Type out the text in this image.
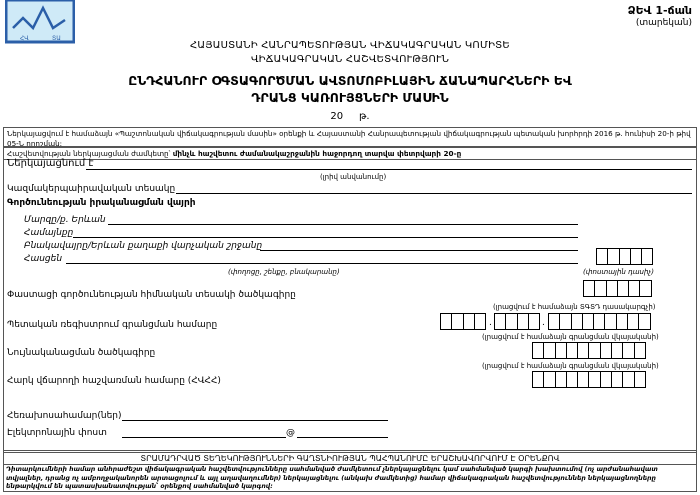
ՀՎ	ՏԱ
ՁԵՎ 1-ճան
(տարեկան)
ՀԱՅԱՍՏԱՆԻ ՀԱՆՐԱՊԵՏՈՒԹՅԱՆ ՎԻՃԱԿԱԳՐԱԿԱՆ ԿՈՄԻՏԵ
ՎԻՃԱԿԱԳՐԱԿԱՆ ՀԱՇՎԵՏՎՈՒԹՅՈՒՆ
ԸՆԴՀԱՆՈՒՐ ՕԳՏԱԳՈՐԾՄԱՆ ԱՎՏՈՄՈԲԻԼԱՅԻՆ ՃԱՆԱՊԱՐՀՆԵՐԻ ԵՎ
ԴՐԱՆՑ ԿԱՌՈՒՅՑՆԵՐԻ ՄԱՍԻՆ
20     թ.
Ներկայացվում է համաձայն «Պաշտոնական վիճակագրության մասին» օրենքի և Հայաստանի Հանրապետության վիճակագրության պետական խորհրդի 2016 թ. հունիսի 20-ի թիվ 05-Ն որոշման:
Հաշվետվության ներկայացման ժամկետը՝ մինչև հաշվետու ժամանակաշրջանին հաջորդող տարվա փետրվարի 20-ը
Ներկայացնում է
(լրիվ անվանումը)
Կազմակերպաիրավական տեսակը
Գործունեության իրականացման վայրի
Մարզը/ք. Երևան
Համայնքը
Բնակավայրը/Երևան քաղաքի վարչական շրջանը
Հասցեն
(փողոցը, շենքը, բնակարանը)	(փոստային դասիչ)
Փաստացի գործունեության հիմնական տեսակի ծածկագիրը
(լրացվում է համաձայն ՏԳՏԴ դասակարգչի)
Պետական ռեգիստրում գրանցման համարը	.	.
(լրացվում է համաձայն գրանցման վկայականի)
Նույնականացման ծածկագիրը
(լրացվում է համաձայն գրանցման վկայականի)
Հարկ վճարողի հաշվառման համարը (ՀՎՀՀ)
Հեռախոսահամար(ներ)
Էլեկտրոնային փոստ	@
ՏՐԱՄԱԴՐՎԱԾ ՏԵՂԵԿՈՒԹՅՈՒՆՆԵՐԻ ԳԱՂՏՆԻՈՒԹՅԱՆ ՊԱՀՊԱՆՈՒՄԸ ԵՐԱՇԽԱՎՈՐՎՈՒՄ Է ՕՐԵՆՔՈՎ
Դիտարկումների համար անհրաժեշտ վիճակագրական հաշվետվությունները սահմանված ժամկետում չներկայացնելու կամ սահմանված կարգի խախտումով (ոչ արժանահավատ տվյալներ, դրանց ոչ ամբողջականորեն արտացոլում և այլ աղավաղումներ) ներկայացնելու (անկախ ժամկետից) համար վիճակագրական հաշվետվություններ ներկայացնողները ենթարկվում են պատասխանատվության՝ օրենքով սահմանված կարգով:
